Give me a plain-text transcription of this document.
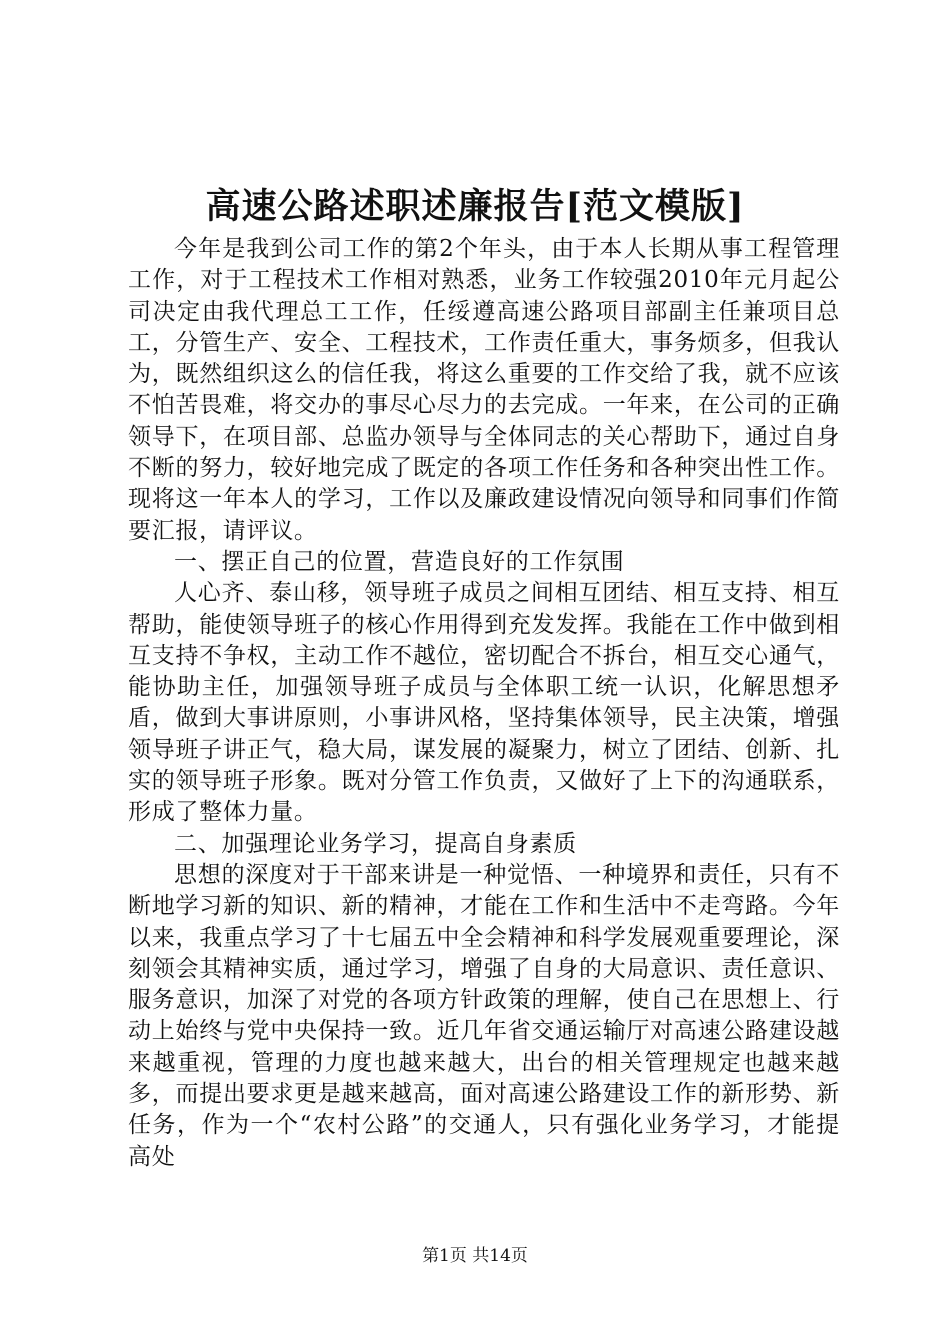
高速公路述职述廉报告[范文模版]

今年是我到公司工作的第2个年头，由于本人长期从事工程管理工作，对于工程技术工作相对熟悉，业务工作较强2010年元月起公司决定由我代理总工工作，任绥遵高速公路项目部副主任兼项目总工，分管生产、安全、工程技术，工作责任重大，事务烦多，但我认为，既然组织这么的信任我，将这么重要的工作交给了我，就不应该不怕苦畏难，将交办的事尽心尽力的去完成。一年来，在公司的正确领导下，在项目部、总监办领导与全体同志的关心帮助下，通过自身不断的努力，较好地完成了既定的各项工作任务和各种突出性工作。现将这一年本人的学习，工作以及廉政建设情况向领导和同事们作简要汇报，请评议。

一、摆正自己的位置，营造良好的工作氛围

人心齐、泰山移，领导班子成员之间相互团结、相互支持、相互帮助，能使领导班子的核心作用得到充发发挥。我能在工作中做到相互支持不争权，主动工作不越位，密切配合不拆台，相互交心通气，能协助主任，加强领导班子成员与全体职工统一认识，化解思想矛盾，做到大事讲原则，小事讲风格，坚持集体领导，民主决策，增强领导班子讲正气，稳大局，谋发展的凝聚力，树立了团结、创新、扎实的领导班子形象。既对分管工作负责，又做好了上下的沟通联系，形成了整体力量。

二、加强理论业务学习，提高自身素质

思想的深度对于干部来讲是一种觉悟、一种境界和责任，只有不断地学习新的知识、新的精神，才能在工作和生活中不走弯路。今年以来，我重点学习了十七届五中全会精神和科学发展观重要理论，深刻领会其精神实质，通过学习，增强了自身的大局意识、责任意识、服务意识，加深了对党的各项方针政策的理解，使自己在思想上、行动上始终与党中央保持一致。近几年省交通运输厅对高速公路建设越来越重视，管理的力度也越来越大，出台的相关管理规定也越来越多，而提出要求更是越来越高，面对高速公路建设工作的新形势、新任务，作为一个“农村公路”的交通人，只有强化业务学习，才能提高处

第1页 共14页
